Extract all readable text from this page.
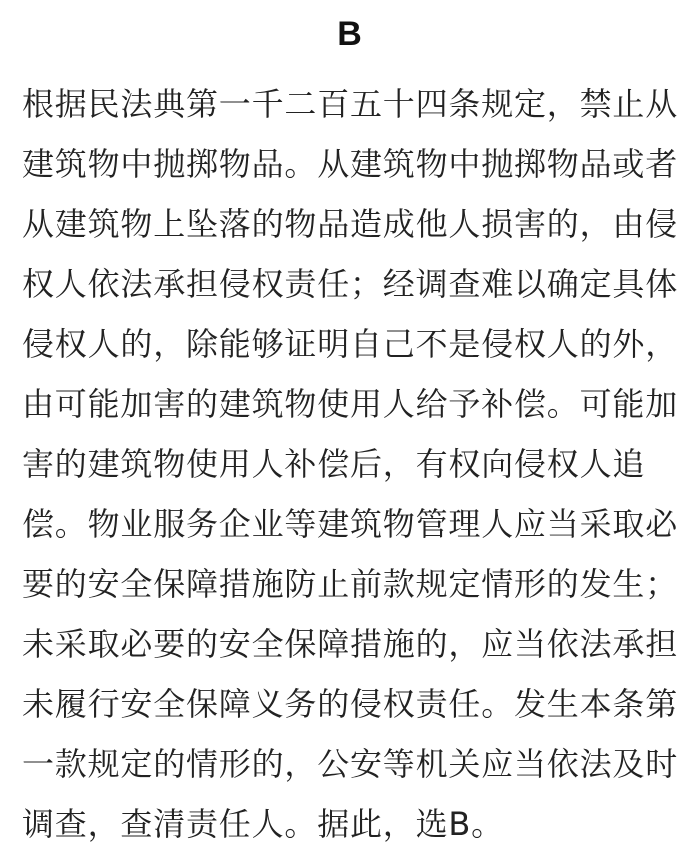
B
根据民法典第一千二百五十四条规定，禁止从
建筑物中抛掷物品。从建筑物中抛掷物品或者
从建筑物上坠落的物品造成他人损害的，由侵
权人依法承担侵权责任；经调查难以确定具体
侵权人的，除能够证明自己不是侵权人的外，
由可能加害的建筑物使用人给予补偿。可能加
害的建筑物使用人补偿后，有权向侵权人追
偿。物业服务企业等建筑物管理人应当采取必
要的安全保障措施防止前款规定情形的发生；
未采取必要的安全保障措施的，应当依法承担
未履行安全保障义务的侵权责任。发生本条第
一款规定的情形的，公安等机关应当依法及时
调查，查清责任人。据此，选B。
